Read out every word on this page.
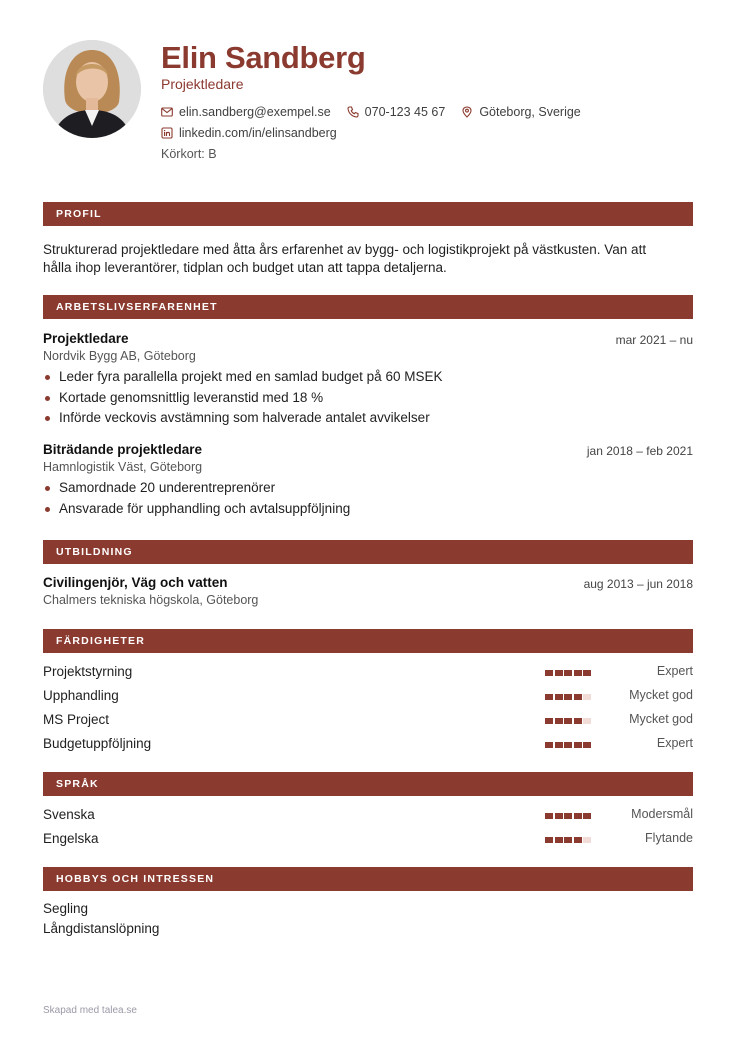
Elin Sandberg
Projektledare
elin.sandberg@exempel.se	070-123 45 67	Göteborg, Sverige
linkedin.com/in/elinsandberg
Körkort: B
PROFIL
Strukturerad projektledare med åtta års erfarenhet av bygg- och logistikprojekt på västkusten. Van att
hålla ihop leverantörer, tidplan och budget utan att tappa detaljerna.
ARBETSLIVSERFARENHET
Projektledare	mar 2021 – nu
Nordvik Bygg AB, Göteborg
Leder fyra parallella projekt med en samlad budget på 60 MSEK
Kortade genomsnittlig leveranstid med 18 %
Införde veckovis avstämning som halverade antalet avvikelser
Biträdande projektledare	jan 2018 – feb 2021
Hamnlogistik Väst, Göteborg
Samordnade 20 underentreprenörer
Ansvarade för upphandling och avtalsuppföljning
UTBILDNING
Civilingenjör, Väg och vatten	aug 2013 – jun 2018
Chalmers tekniska högskola, Göteborg
FÄRDIGHETER
Projektstyrning	Expert
Upphandling	Mycket god
MS Project	Mycket god
Budgetuppföljning	Expert
SPRÅK
Svenska	Modersmål
Engelska	Flytande
HOBBYS OCH INTRESSEN
Segling
Långdistanslöpning
Skapad med talea.se
